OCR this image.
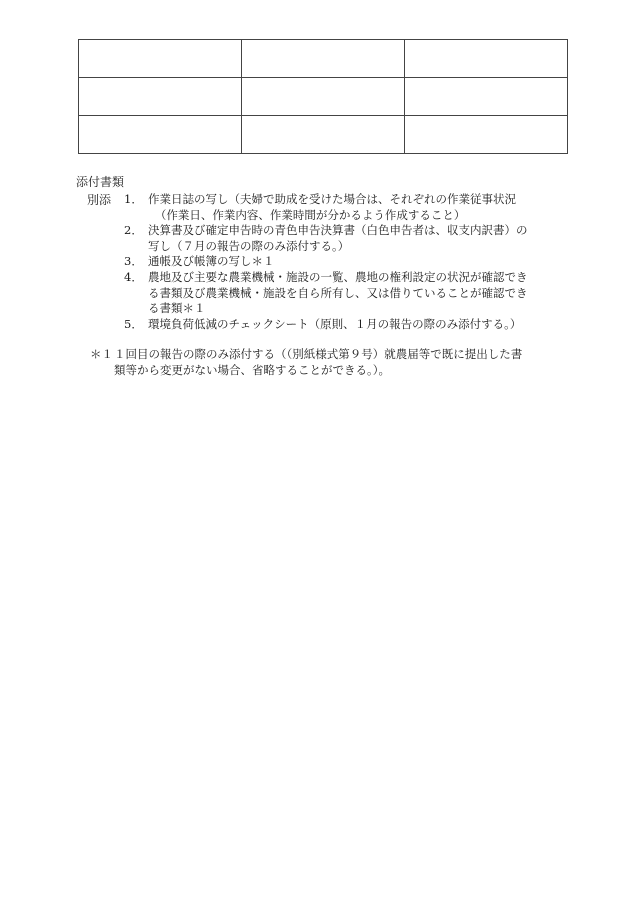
添付書類
別添 1． 作業日誌の写し（夫婦で助成を受けた場合は、それぞれの作業従事状況
（作業日、作業内容、作業時間が分かるよう作成すること）
2． 決算書及び確定申告時の青色申告決算書（白色申告者は、収支内訳書）の
写し（７月の報告の際のみ添付する。）
3． 通帳及び帳簿の写し＊１
4． 農地及び主要な農業機械・施設の一覧、農地の権利設定の状況が確認でき
る書類及び農業機械・施設を自ら所有し、又は借りていることが確認でき
る書類＊１
5． 環境負荷低減のチェックシート（原則、１月の報告の際のみ添付する。）
＊１ １回目の報告の際のみ添付する（（別紙様式第９号）就農届等で既に提出した書
類等から変更がない場合、省略することができる。）。
